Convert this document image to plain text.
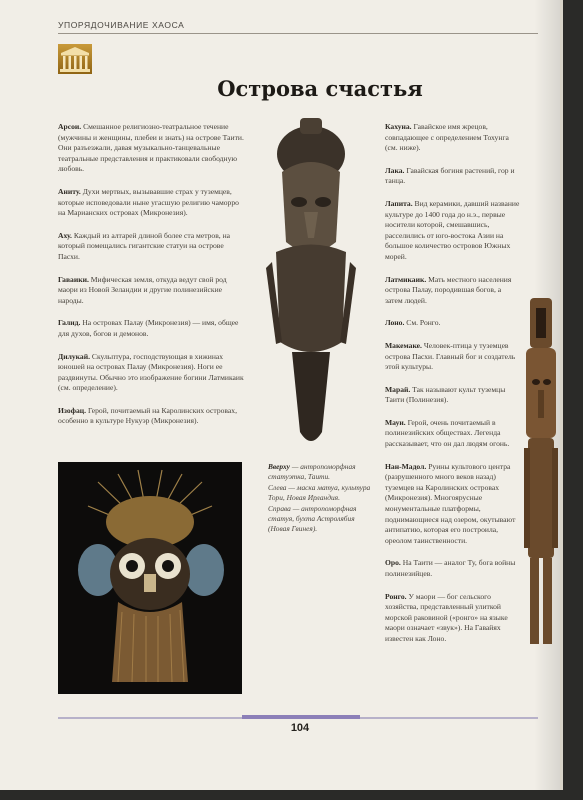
УПОРЯДОЧИВАНИЕ ХАОСА
Острова счастья

Арсои. Смешанное религиозно-театральное течение (мужчины и женщины, плебеи и знать) на острове Таити. Они разъезжали, давая музыкально-танцевальные театральные представления и практиковали свободную любовь.

Аниту. Духи мертвых, вызывавшие страх у туземцев, которые исповедовали ныне угасшую религию чаморро на Марианских островах (Микронезия).

Аху. Каждый из алтарей длиной более ста метров, на который помещались гигантские статуи на острове Пасхи.

Гаваики. Мифическая земля, откуда ведут свой род маори из Новой Зеландии и другие полинезийские народы.

Галид. На островах Палау (Микронезия) — имя, общее для духов, богов и демонов.

Дилукай. Скульптура, господствующая в хижинах юношей на островах Палау (Микронезия). Ноги ее раздвинуты. Обычно это изображение богини Латмикаик (см. определение).

Изофац. Герой, почитаемый на Каролинских островах, особенно в культуре Нукуэр (Микронезия).

Вверху — антропоморфная статуэтка, Таити.

Слева — маска матуа, культура Тори, Новая Ирландия.

Справа — антропоморфная статуя, бухта Астролябия (Новая Гвинея).

Кахуна. Гавайское имя жрецов, совпадающее с определением Тохунга (см. ниже).

Лака. Гавайская богиня растений, гор и танца.

Лапита. Вид керамики, давший название культуре до 1400 года до н.э., первые носители которой, смешавшись, расселились от юго-востока Азии на большое количество островов Южных морей.

Латмикаик. Мать местного населения острова Палау, породившая богов, а затем людей.

Лоно. См. Ронго.

Макемаке. Человек-птица у туземцев острова Пасхи. Главный бог и создатель этой культуры.

Марай. Так называют культ туземцы Таити (Полинезия).

Мауи. Герой, очень почитаемый в полинезийских обществах. Легенда рассказывает, что он дал людям огонь.

Нан-Мадол. Руины культового центра (разрушенного много веков назад) туземцев на Каролинских островах (Микронезия). Многоярусные монументальные платформы, поднимающиеся над озером, окутывают антипатию, которая его построила, ореолом таинственности.

Оро. На Таити — аналог Ту, бога войны полинезийцев.

Ронго. У маори — бог сельского хозяйства, представленный улиткой морской раковиной («ронго» на языке маори означает «звук»). На Гавайях известен как Лоно.

104
